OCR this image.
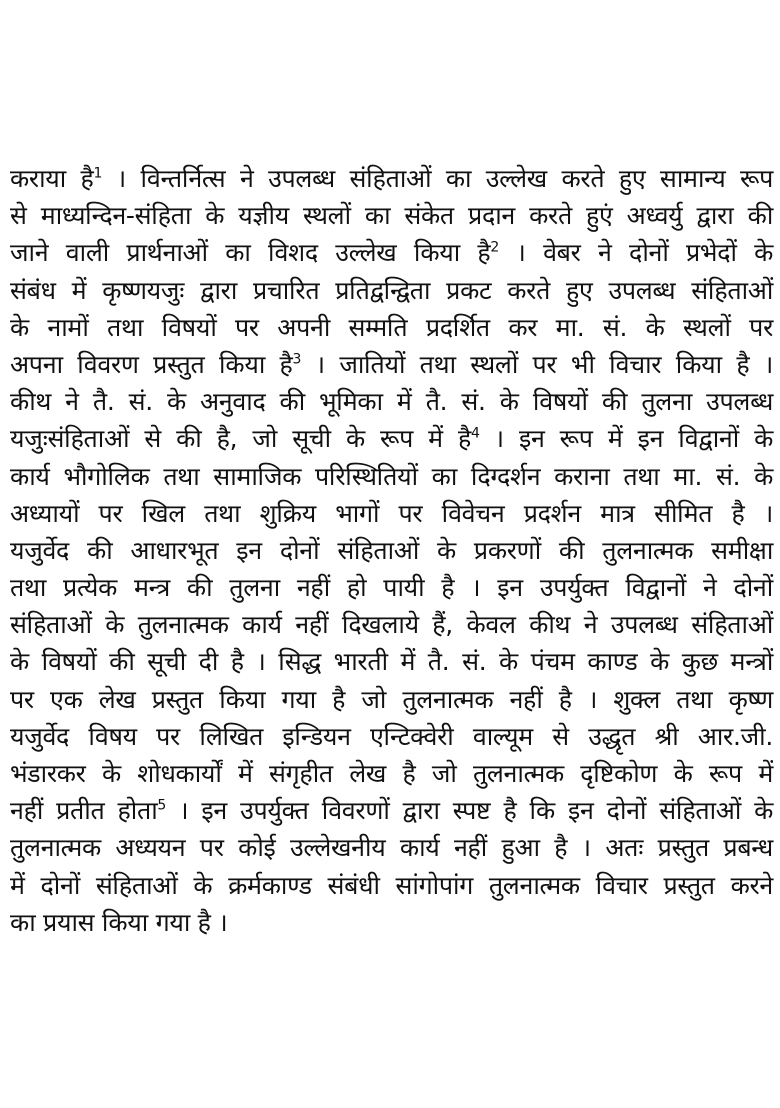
कराया है$^1$ । विन्तर्नित्स ने उपलब्ध संहिताओं का उल्लेख करते हुए सामान्य रूप
से माध्यन्दिन-संहिता के यज्ञीय स्थलों का संकेत प्रदान करते हुएं अध्वर्यु द्वारा की
जाने वाली प्रार्थनाओं का विशद उल्लेख किया है$^2$ । वेबर ने दोनों प्रभेदों के
संबंध में कृष्णयजुः द्वारा प्रचारित प्रतिद्वन्द्विता प्रकट करते हुए उपलब्ध संहिताओं
के नामों तथा विषयों पर अपनी सम्मति प्रदर्शित कर मा. सं. के स्थलों पर
अपना विवरण प्रस्तुत किया है$^3$ । जातियों तथा स्थलों पर भी विचार किया है ।
कीथ ने तै. सं. के अनुवाद की भूमिका में तै. सं. के विषयों की तुलना उपलब्ध
यजुःसंहिताओं से की है, जो सूची के रूप में है$^4$ । इन रूप में इन विद्वानों के
कार्य भौगोलिक तथा सामाजिक परिस्थितियों का दिग्दर्शन कराना तथा मा. सं. के
अध्यायों पर खिल तथा शुक्रिय भागों पर विवेचन प्रदर्शन मात्र सीमित है ।
यजुर्वेद की आधारभूत इन दोनों संहिताओं के प्रकरणों की तुलनात्मक समीक्षा
तथा प्रत्येक मन्त्र की तुलना नहीं हो पायी है । इन उपर्युक्त विद्वानों ने दोनों
संहिताओं के तुलनात्मक कार्य नहीं दिखलाये हैं, केवल कीथ ने उपलब्ध संहिताओं
के विषयों की सूची दी है । सिद्ध भारती में तै. सं. के पंचम काण्ड के कुछ मन्त्रों
पर एक लेख प्रस्तुत किया गया है जो तुलनात्मक नहीं है । शुक्ल तथा कृष्ण
यजुर्वेद विषय पर लिखित इन्डियन एन्टिक्वेरी वाल्यूम से उद्धृत श्री आर.जी.
भंडारकर के शोधकार्यों में संगृहीत लेख है जो तुलनात्मक दृष्टिकोण के रूप में
नहीं प्रतीत होता$^5$ । इन उपर्युक्त विवरणों द्वारा स्पष्ट है कि इन दोनों संहिताओं के
तुलनात्मक अध्ययन पर कोई उल्लेखनीय कार्य नहीं हुआ है । अतः प्रस्तुत प्रबन्ध
में दोनों संहिताओं के क्रर्मकाण्ड संबंधी सांगोपांग तुलनात्मक विचार प्रस्तुत करने
का प्रयास किया गया है ।
